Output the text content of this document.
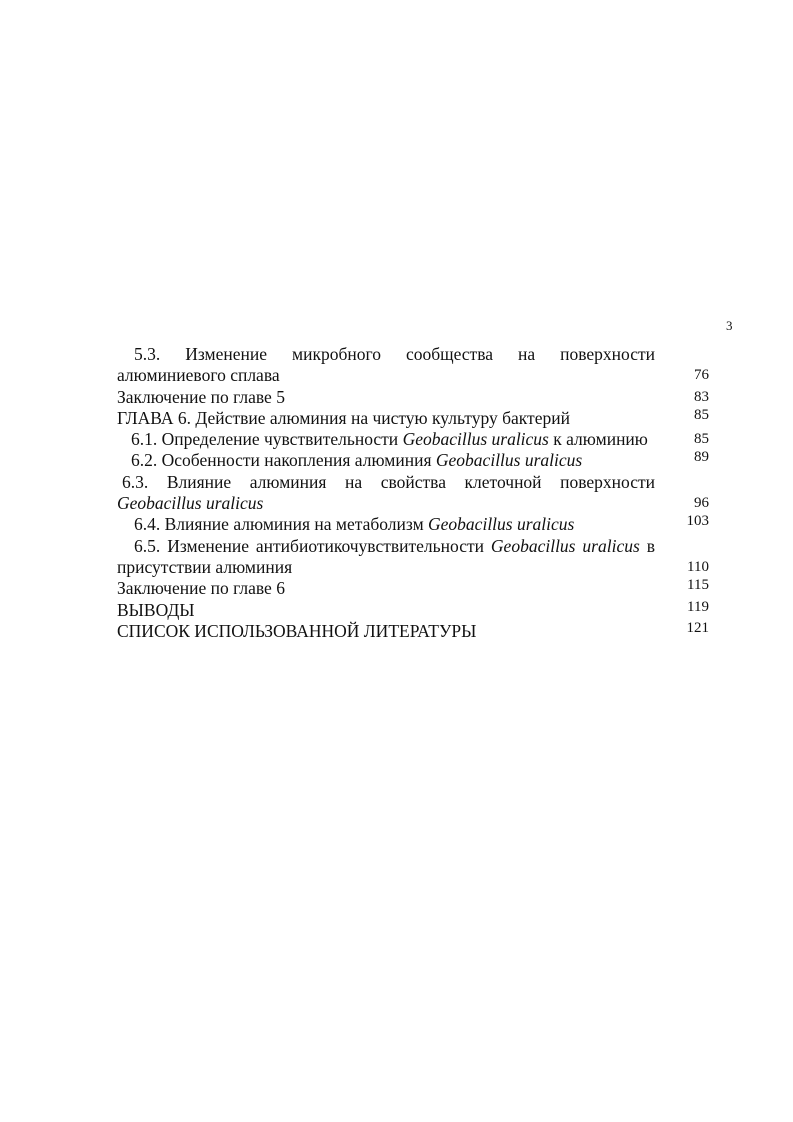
3
5.3. Изменение микробного сообщества на поверхности алюминиевого сплава	76
Заключение по главе 5	83
ГЛАВА 6. Действие алюминия на чистую культуру бактерий	85
6.1. Определение чувствительности Geobacillus uralicus к алюминию	85
6.2. Особенности накопления алюминия Geobacillus uralicus	89
6.3. Влияние алюминия на свойства клеточной поверхности Geobacillus uralicus	96
6.4. Влияние алюминия на метаболизм Geobacillus uralicus	103
6.5. Изменение антибиотикочувствительности Geobacillus uralicus в присутствии алюминия	110
Заключение по главе 6	115
ВЫВОДЫ	119
СПИСОК ИСПОЛЬЗОВАННОЙ ЛИТЕРАТУРЫ	121
